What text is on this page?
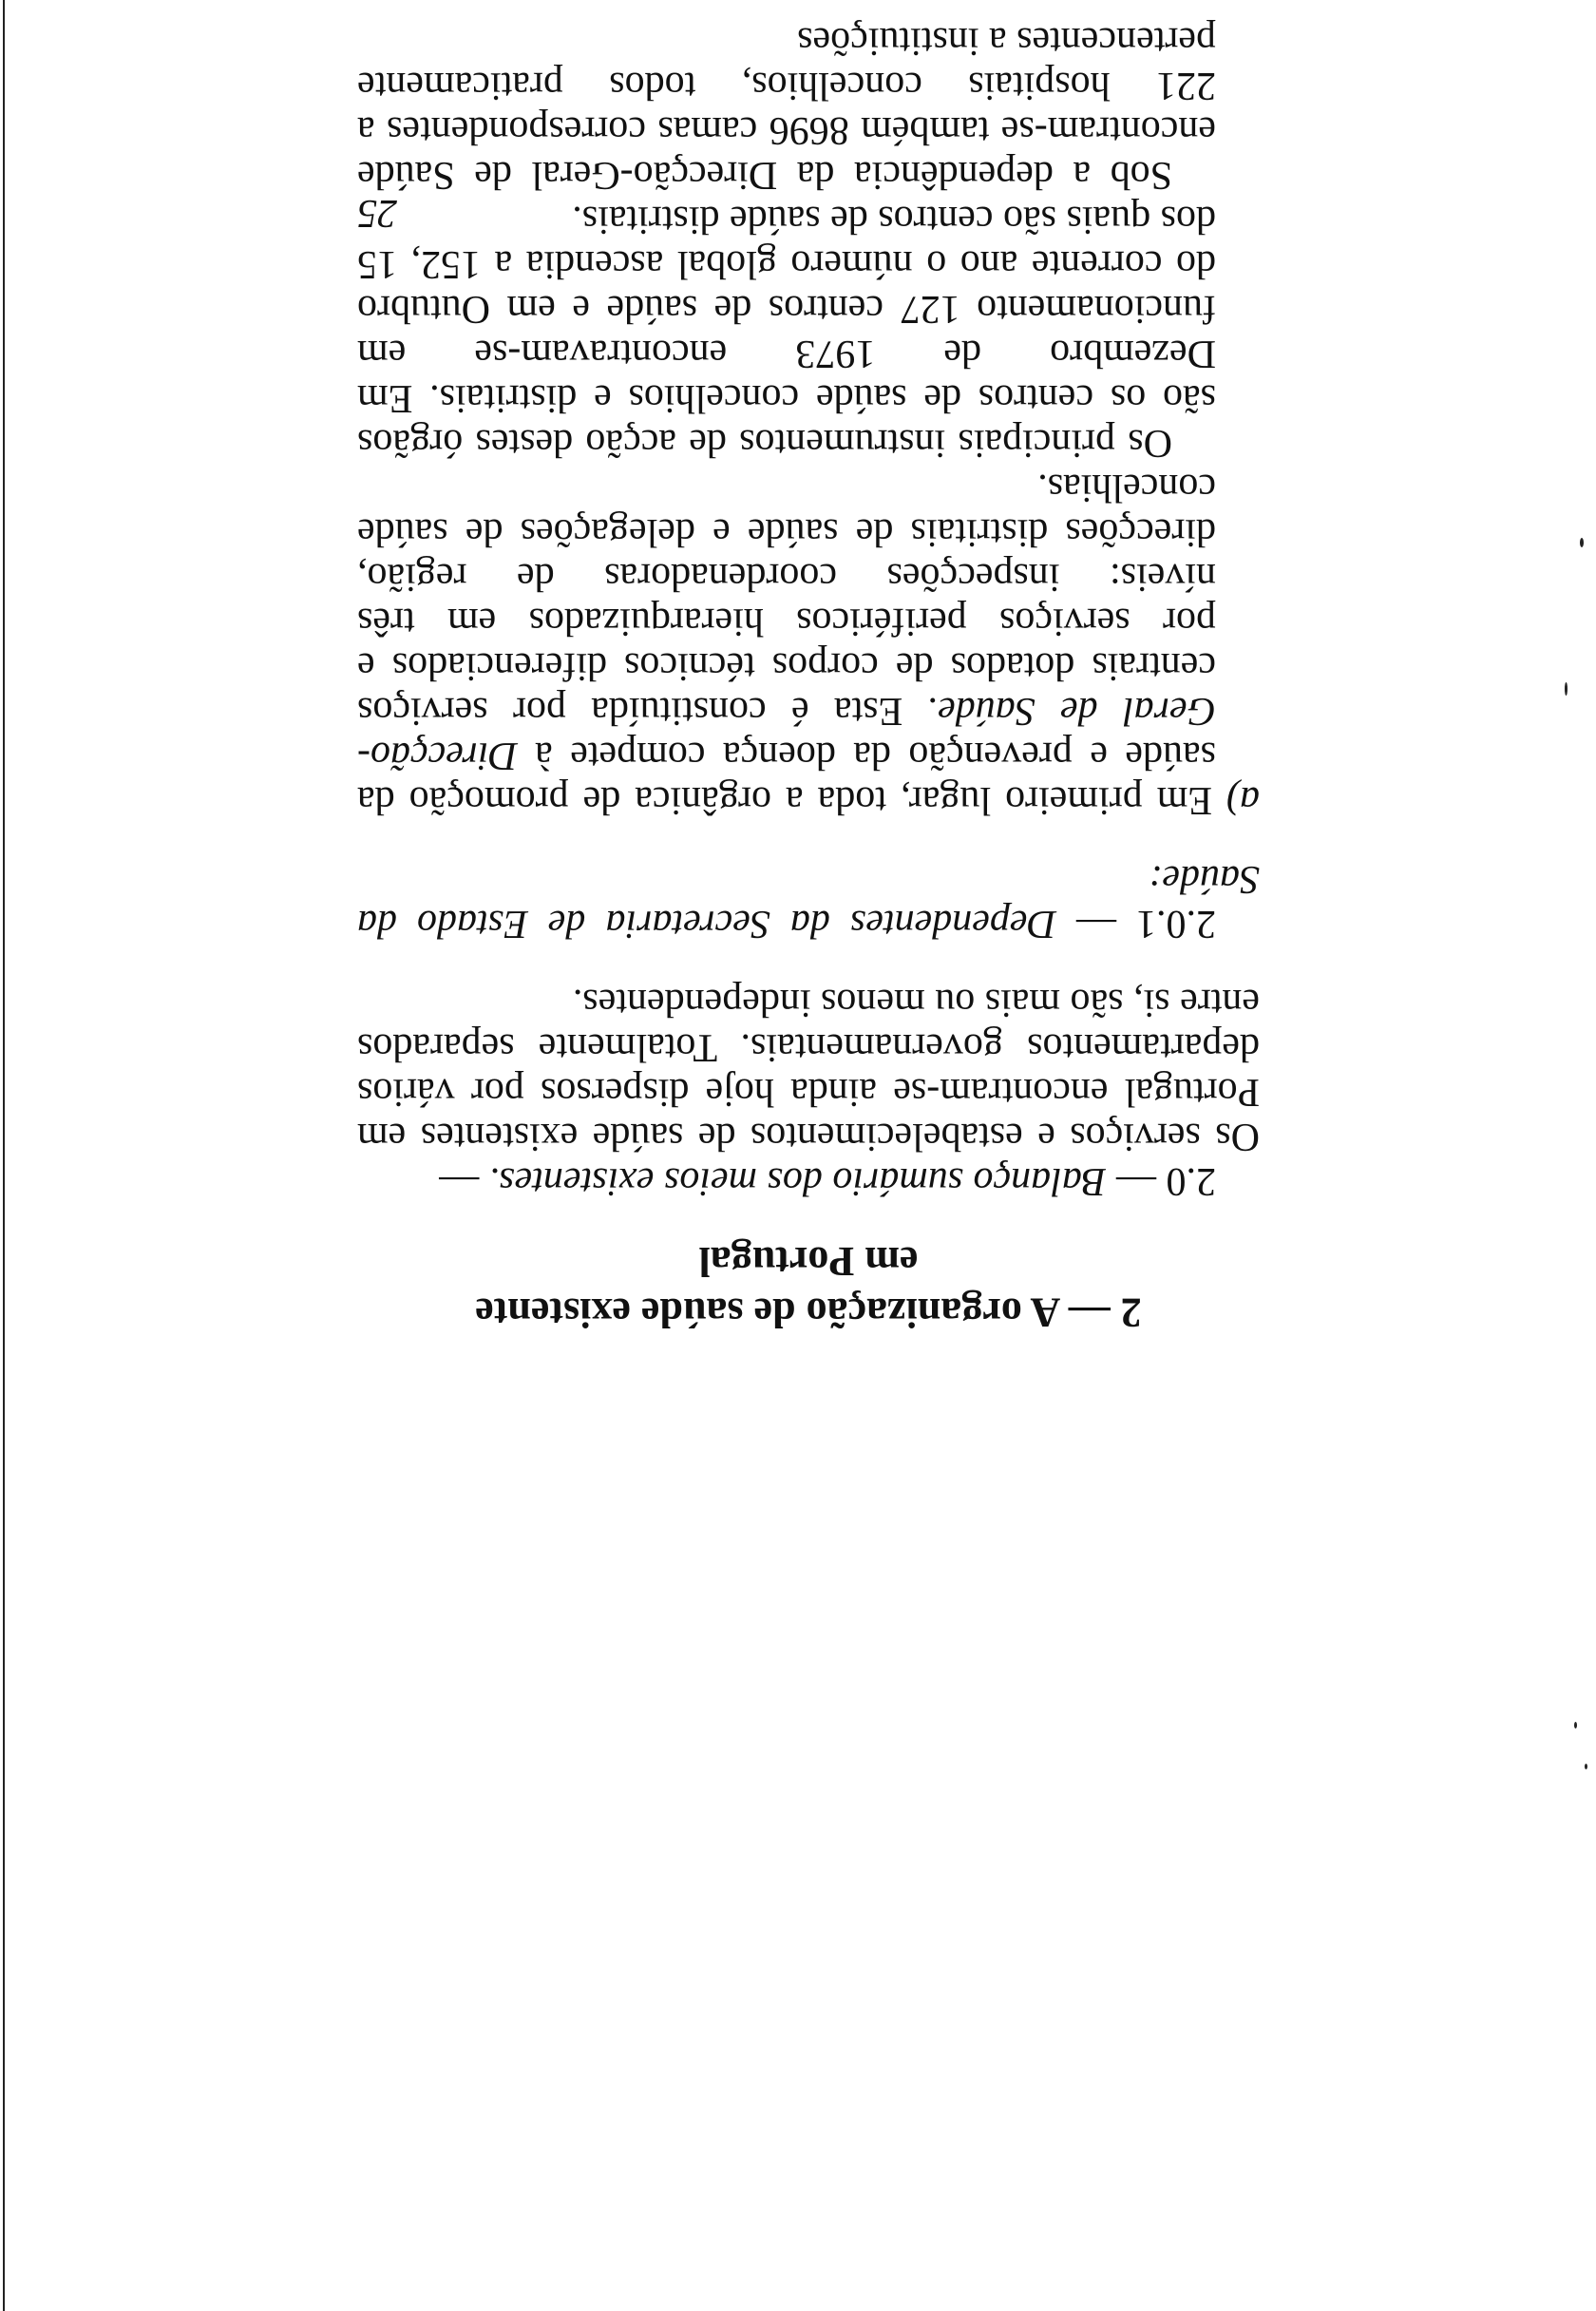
2 — A organização de saúde existente
em Portugal

2.0 — Balanço sumário dos meios existentes. —

Os serviços e estabelecimentos de saúde existentes em Portugal encontram-se ainda hoje dispersos por vários departamentos governamentais. Totalmente separados entre si, são mais ou menos independentes.

2.0.1 — Dependentes da Secretaria de Estado da Saúde:

a) Em primeiro lugar, toda a orgânica de promoção da saúde e prevenção da doença compete à Direcção-Geral de Saúde. Esta é constituída por serviços centrais dotados de corpos técnicos diferenciados e por serviços periféricos hierarquizados em três níveis: inspecções coordenadoras de região, direcções distritais de saúde e delegações de saúde concelhias.

Os principais instrumentos de acção destes órgãos são os centros de saúde concelhios e distritais. Em Dezembro de 1973 encontravam-se em funcionamento 127 centros de saúde e em Outubro do corrente ano o número global ascendia a 152, 15 dos quais são centros de saúde distritais.

Sob a dependência da Direcção-Geral de Saúde encontram-se também 8696 camas correspondentes a 221 hospitais concelhios, todos praticamente pertencentes a instituições

25
